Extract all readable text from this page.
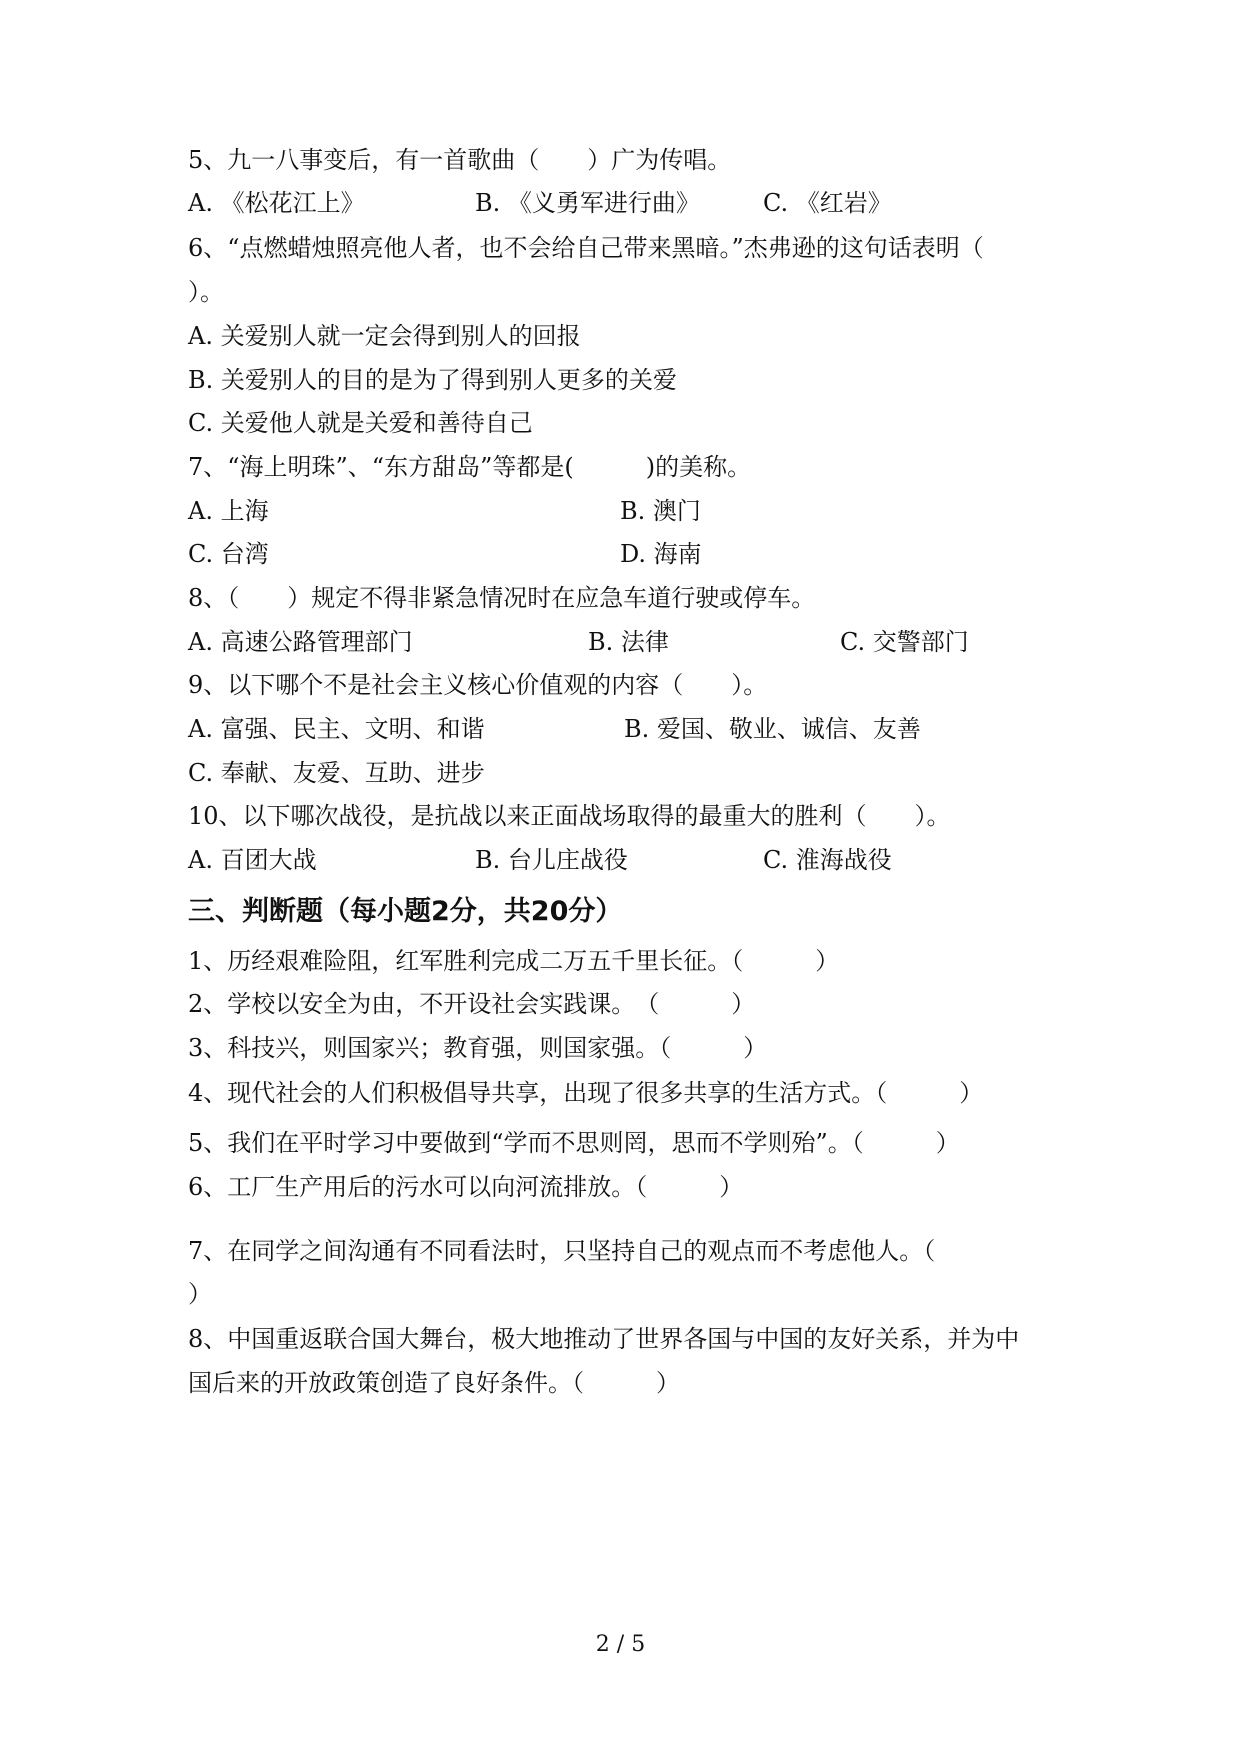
5、九一八事变后，有一首歌曲（　　）广为传唱。
A. 《松花江上》	B. 《义勇军进行曲》	C. 《红岩》
6、“点燃蜡烛照亮他人者，也不会给自己带来黑暗。”杰弗逊的这句话表明（
）。
A. 关爱别人就一定会得到别人的回报
B. 关爱别人的目的是为了得到别人更多的关爱
C. 关爱他人就是关爱和善待自己
7、“海上明珠”、“东方甜岛”等都是(　　　)的美称。
A. 上海	B. 澳门
C. 台湾	D. 海南
8、（　　）规定不得非紧急情况时在应急车道行驶或停车。
A. 高速公路管理部门	B. 法律	C. 交警部门
9、以下哪个不是社会主义核心价值观的内容（　　）。
A. 富强、民主、文明、和谐	B. 爱国、敬业、诚信、友善
C. 奉献、友爱、互助、进步
10、以下哪次战役，是抗战以来正面战场取得的最重大的胜利（　　）。
A. 百团大战	B. 台儿庄战役	C. 淮海战役
三、判断题（每小题2分，共20分）
1、历经艰难险阻，红军胜利完成二万五千里长征。（　　　）
2、学校以安全为由，不开设社会实践课。　（　　　）
3、科技兴，则国家兴；教育强，则国家强。（　　　）
4、现代社会的人们积极倡导共享，出现了很多共享的生活方式。（　　　）
5、我们在平时学习中要做到“学而不思则罔，思而不学则殆”。（　　　）
6、工厂生产用后的污水可以向河流排放。（　　　）
7、在同学之间沟通有不同看法时，只坚持自己的观点而不考虑他人。（
）
8、中国重返联合国大舞台，极大地推动了世界各国与中国的友好关系，并为中
国后来的开放政策创造了良好条件。（　　　）
2 / 5
